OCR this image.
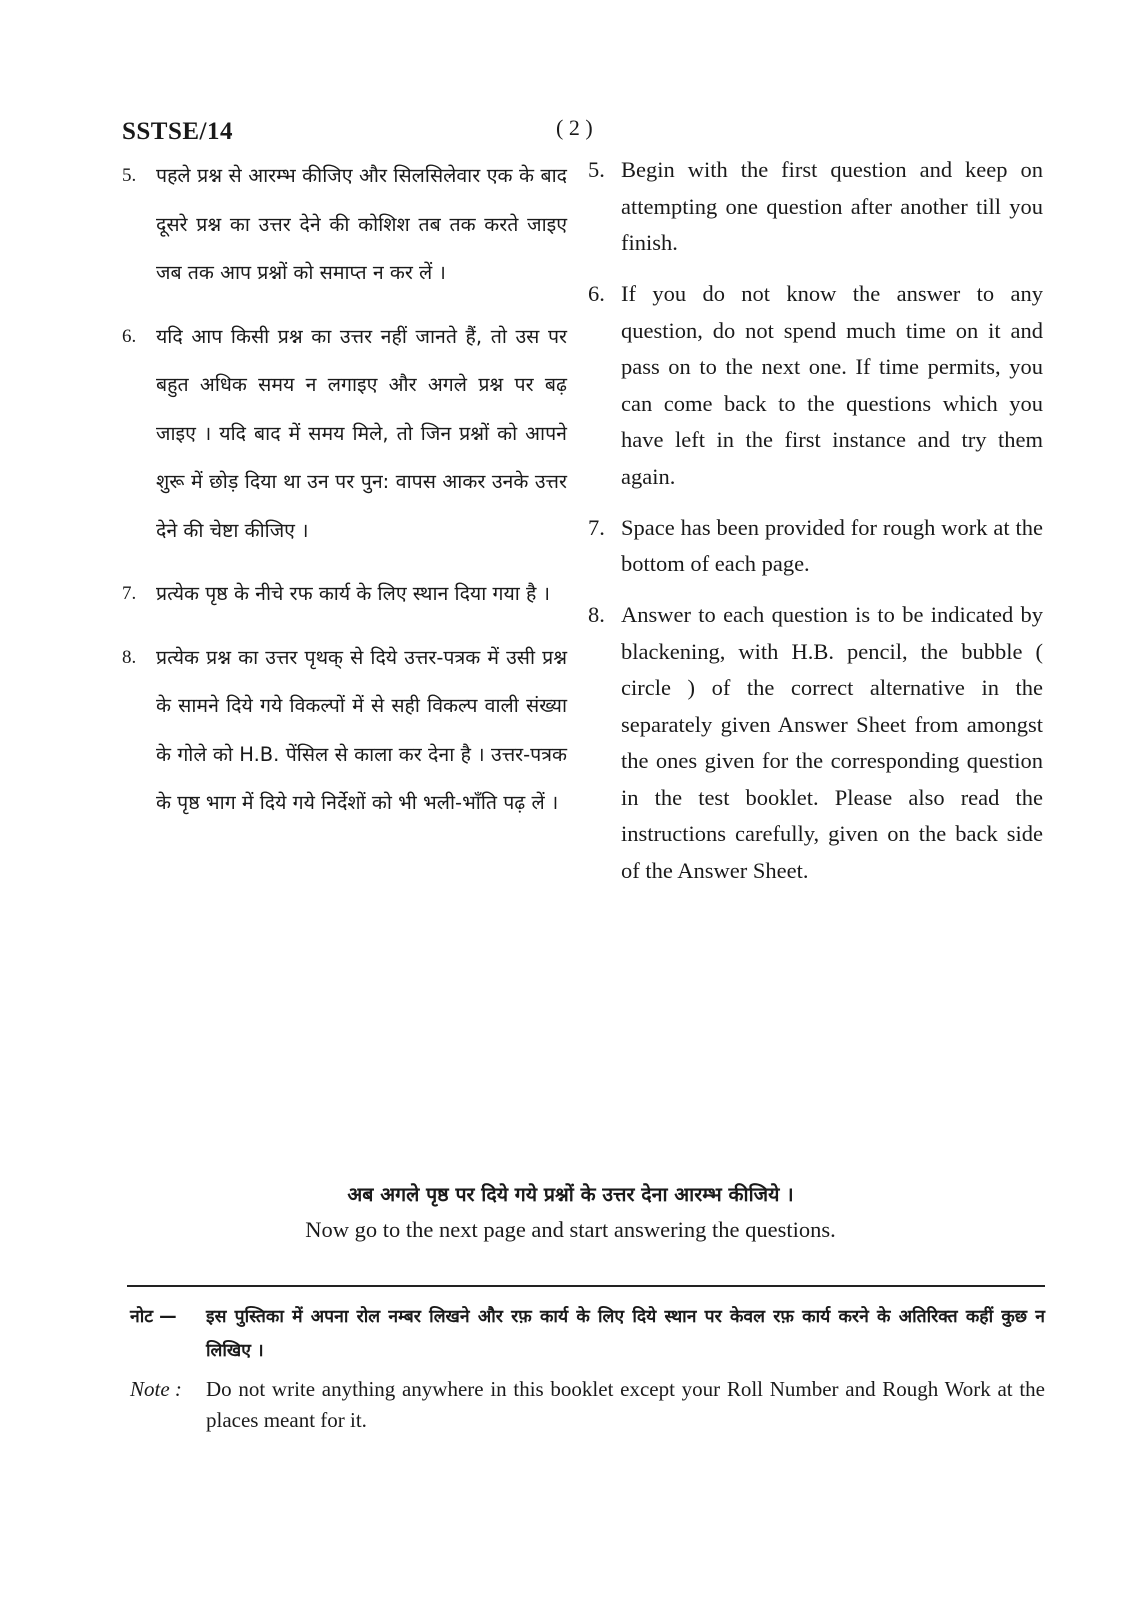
SSTSE/14	( 2 )
5.	पहले प्रश्न से आरम्भ कीजिए और सिलसिलेवार एक के बाद दूसरे प्रश्न का उत्तर देने की कोशिश तब तक करते जाइए जब तक आप प्रश्नों को समाप्त न कर लें ।
6.	यदि आप किसी प्रश्न का उत्तर नहीं जानते हैं, तो उस पर बहुत अधिक समय न लगाइए और अगले प्रश्न पर बढ़ जाइए । यदि बाद में समय मिले, तो जिन प्रश्नों को आपने शुरू में छोड़ दिया था उन पर पुन: वापस आकर उनके उत्तर देने की चेष्टा कीजिए ।
7.	प्रत्येक पृष्ठ के नीचे रफ कार्य के लिए स्थान दिया गया है ।
8.	प्रत्येक प्रश्न का उत्तर पृथक् से दिये उत्तर-पत्रक में उसी प्रश्न के सामने दिये गये विकल्पों में से सही विकल्प वाली संख्या के गोले को H.B. पेंसिल से काला कर देना है । उत्तर-पत्रक के पृष्ठ भाग में दिये गये निर्देशों को भी भली-भाँति पढ़ लें ।
5. Begin with the first question and keep on attempting one question after another till you finish.
6. If you do not know the answer to any question, do not spend much time on it and pass on to the next one. If time permits, you can come back to the questions which you have left in the first instance and try them again.
7. Space has been provided for rough work at the bottom of each page.
8. Answer to each question is to be indicated by blackening, with H.B. pencil, the bubble ( circle ) of the correct alternative in the separately given Answer Sheet from amongst the ones given for the corresponding question in the test booklet. Please also read the instructions carefully, given on the back side of the Answer Sheet.
अब अगले पृष्ठ पर दिये गये प्रश्नों के उत्तर देना आरम्भ कीजिये ।
Now go to the next page and start answering the questions.
नोट —	इस पुस्तिका में अपना रोल नम्बर लिखने और रफ़ कार्य के लिए दिये स्थान पर केवल रफ़ कार्य करने के अतिरिक्त कहीं कुछ न लिखिए ।
Note :	Do not write anything anywhere in this booklet except your Roll Number and Rough Work at the places meant for it.
